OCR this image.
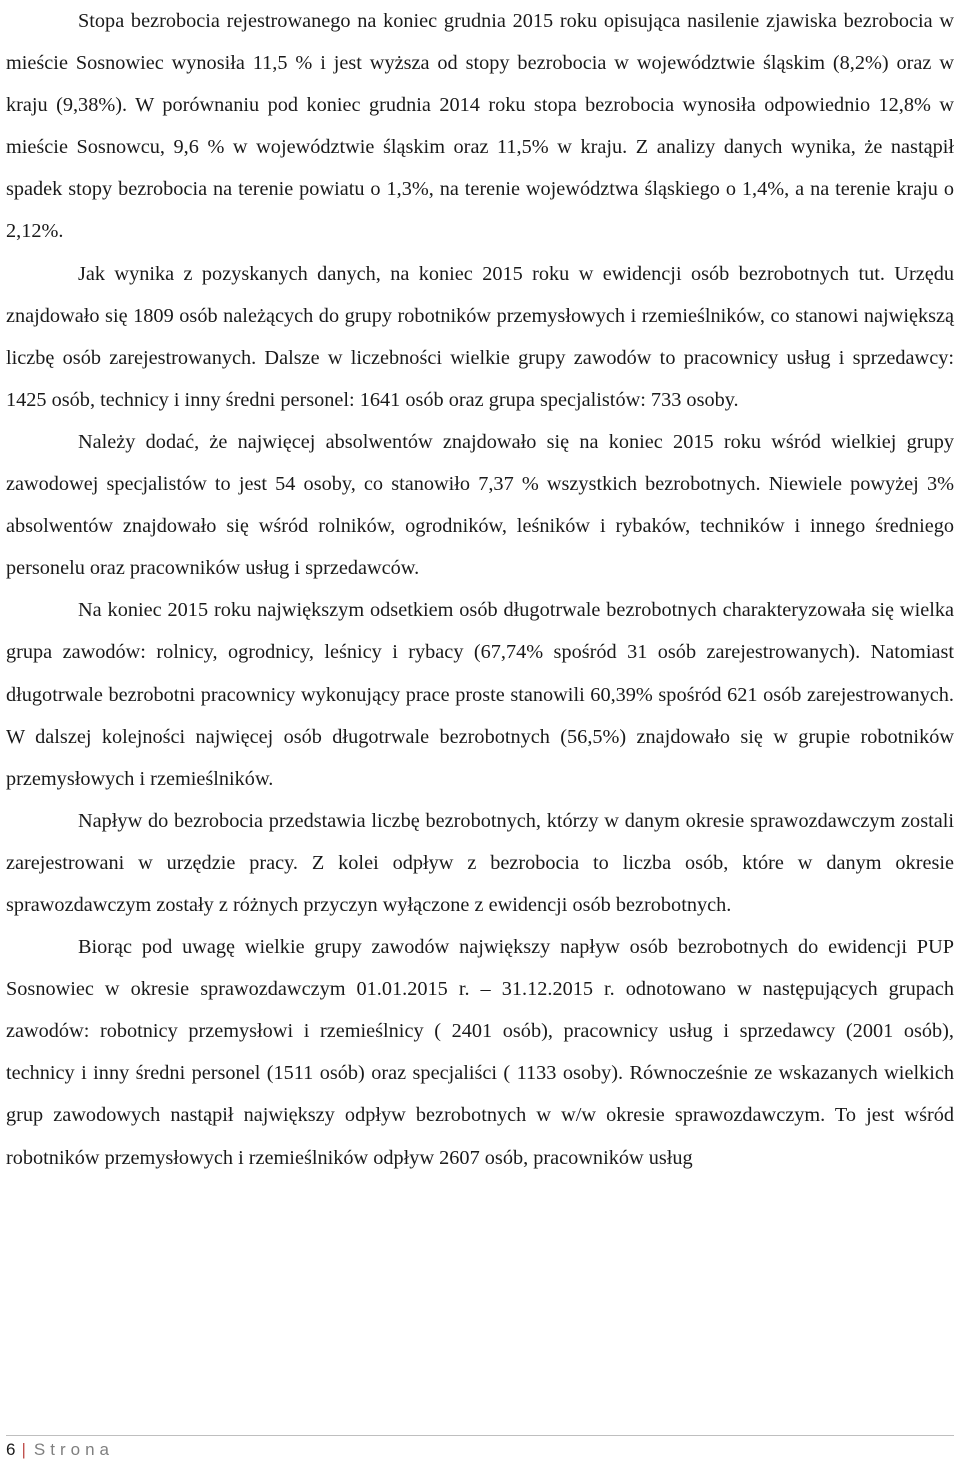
Stopa bezrobocia rejestrowanego na koniec grudnia 2015 roku opisująca nasilenie zjawiska bezrobocia w mieście Sosnowiec wynosiła 11,5 % i jest wyższa od stopy bezrobocia w województwie śląskim (8,2%) oraz w kraju (9,38%). W porównaniu pod koniec grudnia 2014 roku stopa bezrobocia wynosiła odpowiednio 12,8% w mieście Sosnowcu, 9,6 % w województwie śląskim oraz 11,5% w kraju. Z analizy danych wynika, że nastąpił spadek stopy bezrobocia na terenie powiatu o 1,3%, na terenie województwa śląskiego o 1,4%, a na terenie kraju o 2,12%.

Jak wynika z pozyskanych danych, na koniec 2015 roku w ewidencji osób bezrobotnych tut. Urzędu znajdowało się 1809 osób należących do grupy robotników przemysłowych i rzemieślników, co stanowi największą liczbę osób zarejestrowanych. Dalsze w liczebności wielkie grupy zawodów to pracownicy usług i sprzedawcy: 1425 osób, technicy i inny średni personel: 1641 osób oraz grupa specjalistów: 733 osoby.

Należy dodać, że najwięcej absolwentów znajdowało się na koniec 2015 roku wśród wielkiej grupy zawodowej specjalistów to jest 54 osoby, co stanowiło 7,37 % wszystkich bezrobotnych. Niewiele powyżej 3% absolwentów znajdowało się wśród rolników, ogrodników, leśników i rybaków, techników i innego średniego personelu oraz pracowników usług i sprzedawców.

Na koniec 2015 roku największym odsetkiem osób długotrwale bezrobotnych charakteryzowała się wielka grupa zawodów: rolnicy, ogrodnicy, leśnicy i rybacy (67,74% spośród 31 osób zarejestrowanych). Natomiast długotrwale bezrobotni pracownicy wykonujący prace proste stanowili 60,39% spośród 621 osób zarejestrowanych. W dalszej kolejności najwięcej osób długotrwale bezrobotnych (56,5%) znajdowało się w grupie robotników przemysłowych i rzemieślników.

Napływ do bezrobocia przedstawia liczbę bezrobotnych, którzy w danym okresie sprawozdawczym zostali zarejestrowani w urzędzie pracy. Z kolei odpływ z bezrobocia to liczba osób, które w danym okresie sprawozdawczym zostały z różnych przyczyn wyłączone z ewidencji osób bezrobotnych.

Biorąc pod uwagę wielkie grupy zawodów największy napływ osób bezrobotnych do ewidencji PUP Sosnowiec w okresie sprawozdawczym 01.01.2015 r. – 31.12.2015 r. odnotowano w następujących grupach zawodów: robotnicy przemysłowi i rzemieślnicy ( 2401 osób), pracownicy usług i sprzedawcy (2001 osób), technicy i inny średni personel (1511 osób) oraz specjaliści ( 1133 osoby). Równocześnie ze wskazanych wielkich grup zawodowych nastąpił największy odpływ bezrobotnych w w/w okresie sprawozdawczym. To jest wśród robotników przemysłowych i rzemieślników odpływ 2607 osób, pracowników usług

6 | Strona
